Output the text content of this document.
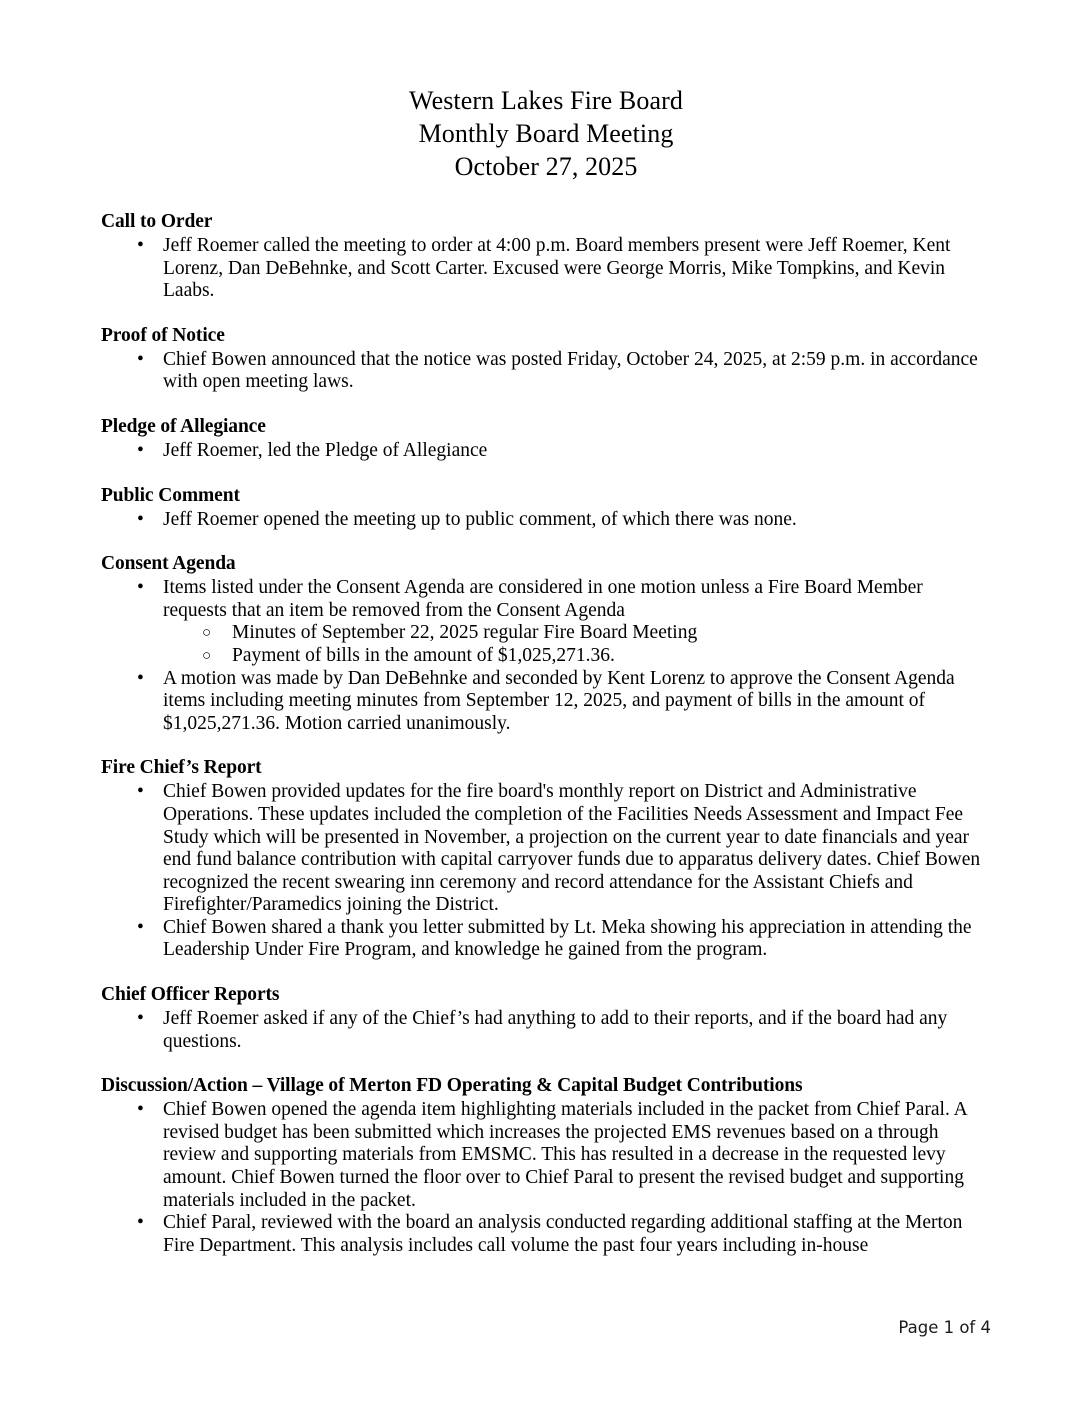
Western Lakes Fire Board
Monthly Board Meeting
October 27, 2025
Call to Order
• Jeff Roemer called the meeting to order at 4:00 p.m. Board members present were Jeff Roemer, Kent Lorenz, Dan DeBehnke, and Scott Carter. Excused were George Morris, Mike Tompkins, and Kevin Laabs.
Proof of Notice
• Chief Bowen announced that the notice was posted Friday, October 24, 2025, at 2:59 p.m. in accordance with open meeting laws.
Pledge of Allegiance
• Jeff Roemer, led the Pledge of Allegiance
Public Comment
• Jeff Roemer opened the meeting up to public comment, of which there was none.
Consent Agenda
• Items listed under the Consent Agenda are considered in one motion unless a Fire Board Member requests that an item be removed from the Consent Agenda
○ Minutes of September 22, 2025 regular Fire Board Meeting
○ Payment of bills in the amount of $1,025,271.36.
• A motion was made by Dan DeBehnke and seconded by Kent Lorenz to approve the Consent Agenda items including meeting minutes from September 12, 2025, and payment of bills in the amount of $1,025,271.36. Motion carried unanimously.
Fire Chief’s Report
• Chief Bowen provided updates for the fire board's monthly report on District and Administrative Operations. These updates included the completion of the Facilities Needs Assessment and Impact Fee Study which will be presented in November, a projection on the current year to date financials and year end fund balance contribution with capital carryover funds due to apparatus delivery dates. Chief Bowen recognized the recent swearing inn ceremony and record attendance for the Assistant Chiefs and Firefighter/Paramedics joining the District.
• Chief Bowen shared a thank you letter submitted by Lt. Meka showing his appreciation in attending the Leadership Under Fire Program, and knowledge he gained from the program.
Chief Officer Reports
• Jeff Roemer asked if any of the Chief’s had anything to add to their reports, and if the board had any questions.
Discussion/Action – Village of Merton FD Operating & Capital Budget Contributions
• Chief Bowen opened the agenda item highlighting materials included in the packet from Chief Paral. A revised budget has been submitted which increases the projected EMS revenues based on a through review and supporting materials from EMSMC. This has resulted in a decrease in the requested levy amount. Chief Bowen turned the floor over to Chief Paral to present the revised budget and supporting materials included in the packet.
• Chief Paral, reviewed with the board an analysis conducted regarding additional staffing at the Merton Fire Department. This analysis includes call volume the past four years including in-house
Page 1 of 4
